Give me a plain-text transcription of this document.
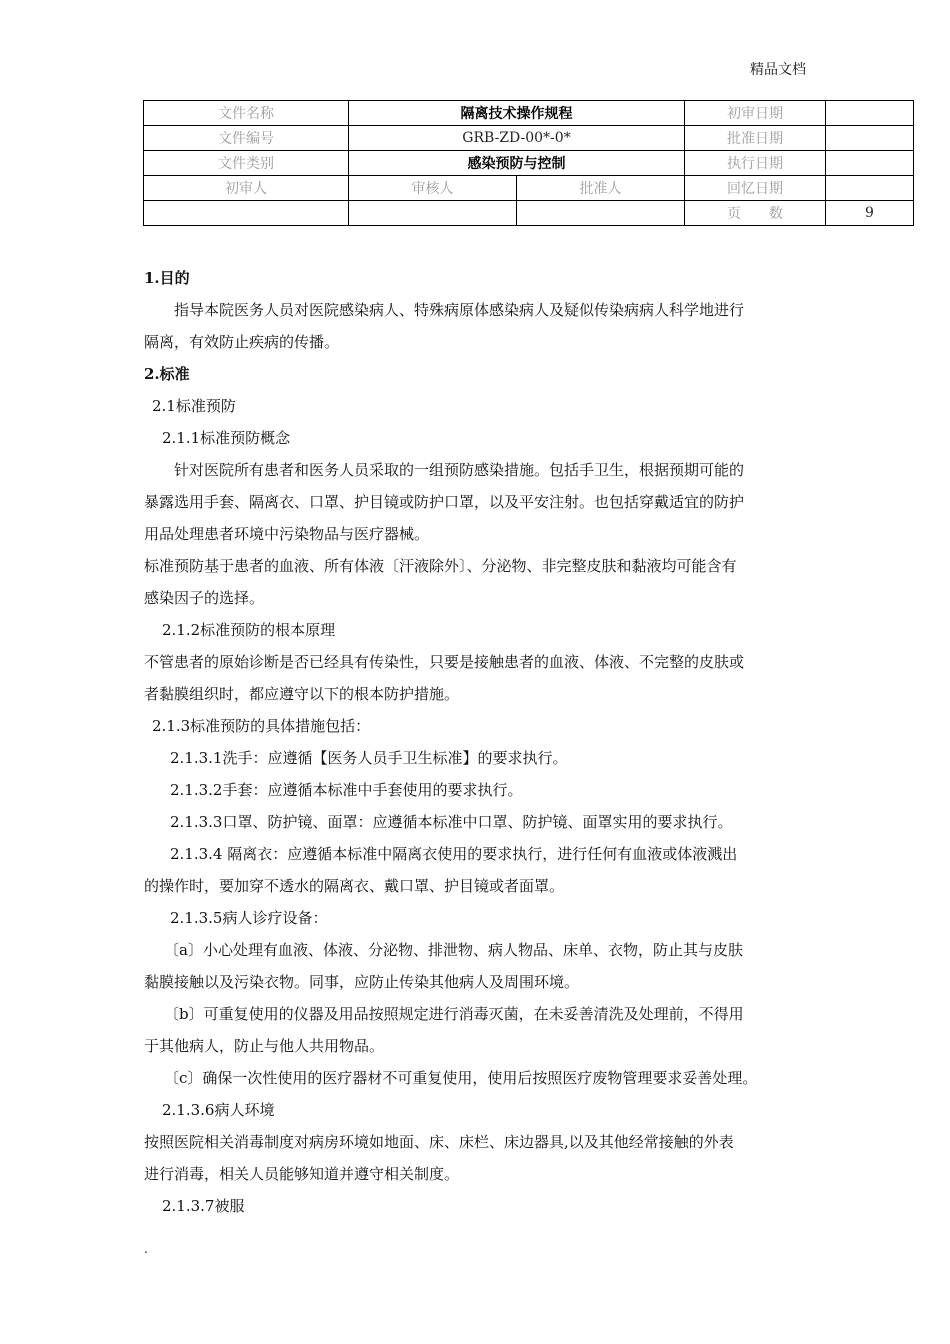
精品文档
文件名称	隔离技术操作规程		初审日期	
文件编号	GRB-ZD-00*-0*		批准日期	
文件类别	感染预防与控制		执行日期	
初审人	审核人	批准人	回忆日期	
			页　　数	9
1.目的
指导本院医务人员对医院感染病人、特殊病原体感染病人及疑似传染病病人科学地进行
隔离，有效防止疾病的传播。
2.标准
2.1标准预防
2.1.1标准预防概念
针对医院所有患者和医务人员采取的一组预防感染措施。包括手卫生，根据预期可能的
暴露选用手套、隔离衣、口罩、护目镜或防护口罩，以及平安注射。也包括穿戴适宜的防护
用品处理患者环境中污染物品与医疗器械。
标准预防基于患者的血液、所有体液〔汗液除外〕、分泌物、非完整皮肤和黏液均可能含有
感染因子的选择。
2.1.2标准预防的根本原理
不管患者的原始诊断是否已经具有传染性，只要是接触患者的血液、体液、不完整的皮肤或
者黏膜组织时，都应遵守以下的根本防护措施。
2.1.3标准预防的具体措施包括：
2.1.3.1洗手：应遵循【医务人员手卫生标准】的要求执行。
2.1.3.2手套：应遵循本标准中手套使用的要求执行。
2.1.3.3口罩、防护镜、面罩：应遵循本标准中口罩、防护镜、面罩实用的要求执行。
2.1.3.4 隔离衣：应遵循本标准中隔离衣使用的要求执行，进行任何有血液或体液溅出
的操作时，要加穿不透水的隔离衣、戴口罩、护目镜或者面罩。
2.1.3.5病人诊疗设备：
〔a〕小心处理有血液、体液、分泌物、排泄物、病人物品、床单、衣物，防止其与皮肤
黏膜接触以及污染衣物。同事，应防止传染其他病人及周围环境。
〔b〕可重复使用的仪器及用品按照规定进行消毒灭菌，在未妥善清洗及处理前，不得用
于其他病人，防止与他人共用物品。
〔c〕确保一次性使用的医疗器材不可重复使用，使用后按照医疗废物管理要求妥善处理。
2.1.3.6病人环境
按照医院相关消毒制度对病房环境如地面、床、床栏、床边器具,以及其他经常接触的外表
进行消毒，相关人员能够知道并遵守相关制度。
2.1.3.7被服
.
